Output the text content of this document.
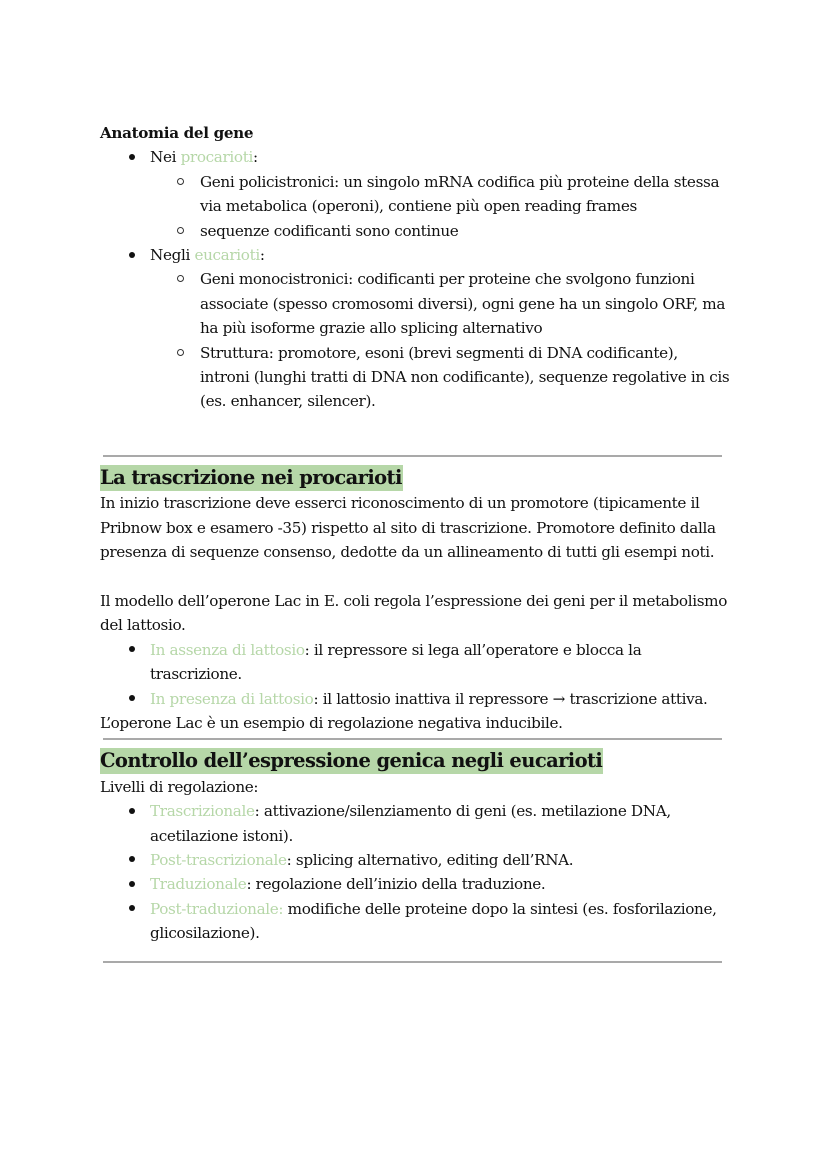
Anatomia del gene

Nei procarioti:
Geni policistronici: un singolo mRNA codifica più proteine della stessa via metabolica (operoni), contiene più open reading frames
sequenze codificanti sono continue
Negli eucarioti:
Geni monocistronici: codificanti per proteine che svolgono funzioni associate (spesso cromosomi diversi), ogni gene ha un singolo ORF, ma ha più isoforme grazie allo splicing alternativo
Struttura: promotore, esoni (brevi segmenti di DNA codificante), introni (lunghi tratti di DNA non codificante), sequenze regolative in cis (es. enhancer, silencer).
La trascrizione nei procarioti

In inizio trascrizione deve esserci riconoscimento di un promotore (tipicamente il Pribnow box e esamero -35) rispetto al sito di trascrizione. Promotore definito dalla presenza di sequenze consenso, dedotte da un allineamento di tutti gli esempi noti.

Il modello dell’operone Lac in E. coli regola l’espressione dei geni per il metabolismo del lattosio.

In assenza di lattosio: il repressore si lega all’operatore e blocca la trascrizione.
In presenza di lattosio: il lattosio inattiva il repressore → trascrizione attiva.

L’operone Lac è un esempio di regolazione negativa inducibile.

Controllo dell’espressione genica negli eucarioti

Livelli di regolazione:

Trascrizionale: attivazione/silenziamento di geni (es. metilazione DNA, acetilazione istoni).
Post-trascrizionale: splicing alternativo, editing dell’RNA.
Traduzionale: regolazione dell’inizio della traduzione.
Post-traduzionale: modifiche delle proteine dopo la sintesi (es. fosforilazione, glicosilazione).
